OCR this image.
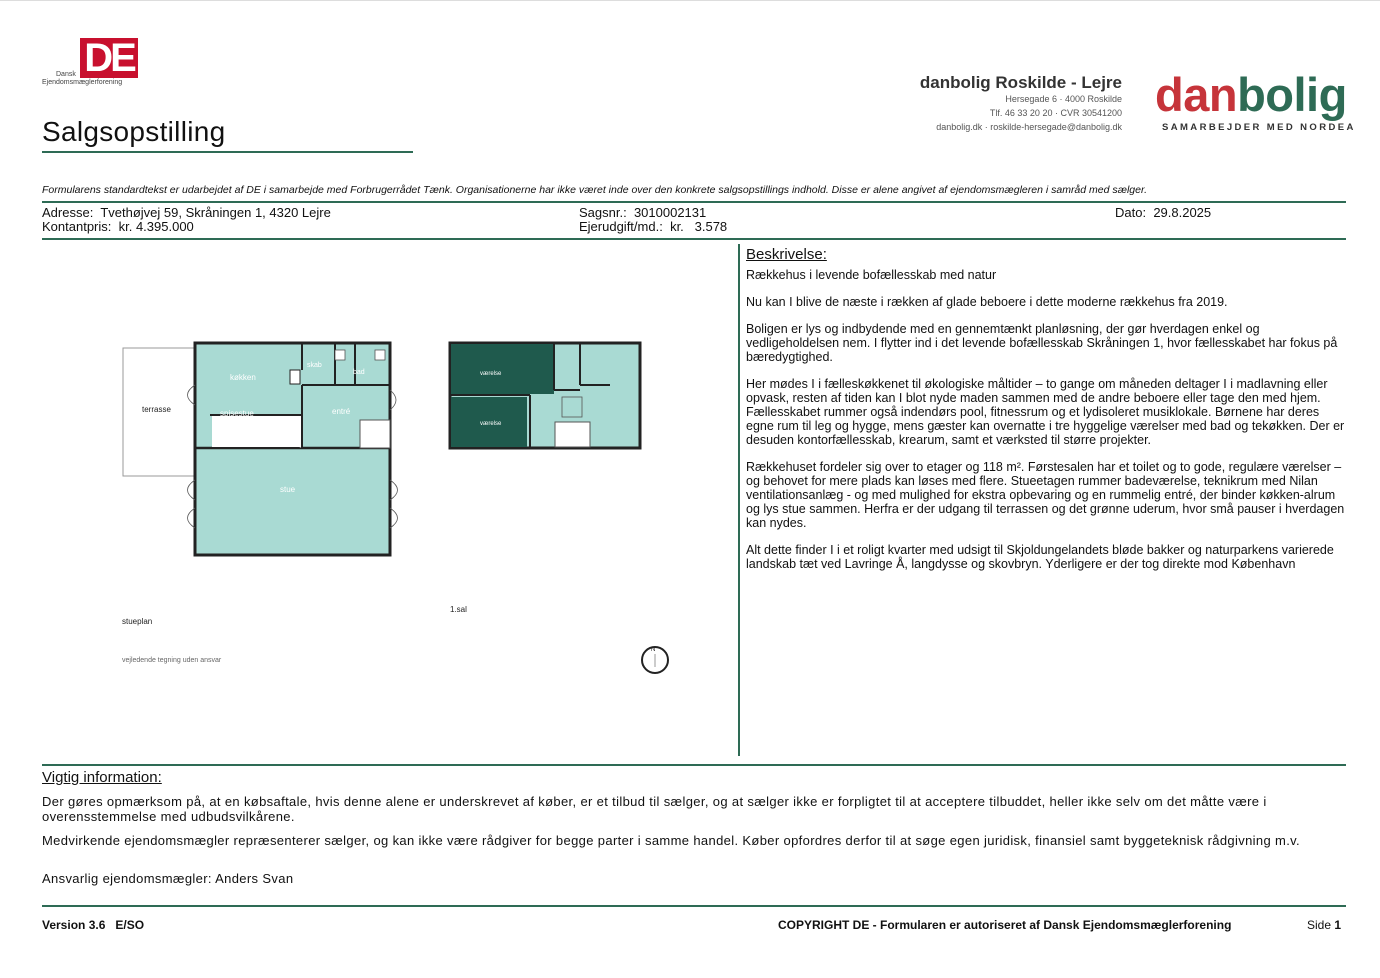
DE
Dansk
Ejendomsmæglerforening
Salgsopstilling
danbolig Roskilde - Lejre
Hersegade 6 · 4000 Roskilde
Tlf. 46 33 20 20 · CVR 30541200
danbolig.dk · roskilde-hersegade@danbolig.dk
danbolig
SAMARBEJDER MED NORDEA
Formularens standardtekst er udarbejdet af DE i samarbejde med Forbrugerrådet Tænk. Organisationerne har ikke været inde over den konkrete salgsopstillings indhold. Disse er alene angivet af ejendomsmægleren i samråd med sælger.
Adresse: Tvethøjvej 59, Skråningen 1, 4320 Lejre
Kontantpris: kr. 4.395.000
Sagsnr.: 3010002131
Ejerudgift/md.: kr.   3.578
Dato: 29.8.2025
terrasse
køkken
spisestue
skab
bad
entré
stue
værelse
værelse
stueplan
1.sal
vejledende tegning uden ansvar
N
Beskrivelse:

Rækkehus i levende bofællesskab med natur

Nu kan I blive de næste i rækken af glade beboere i dette moderne rækkehus fra 2019.

Boligen er lys og indbydende med en gennemtænkt planløsning, der gør hverdagen enkel og vedligeholdelsen nem. I flytter ind i det levende bofællesskab Skråningen 1, hvor fællesskabet har fokus på bæredygtighed.

Her mødes I i fælleskøkkenet til økologiske måltider – to gange om måneden deltager I i madlavning eller opvask, resten af tiden kan I blot nyde maden sammen med de andre beboere eller tage den med hjem. Fællesskabet rummer også indendørs pool, fitnessrum og et lydisoleret musiklokale. Børnene har deres egne rum til leg og hygge, mens gæster kan overnatte i tre hyggelige værelser med bad og tekøkken. Der er desuden kontorfællesskab, krearum, samt et værksted til større projekter.

Rækkehuset fordeler sig over to etager og 118 m². Førstesalen har et toilet og to gode, regulære værelser – og behovet for mere plads kan løses med flere. Stueetagen rummer badeværelse, teknikrum med Nilan ventilationsanlæg - og med mulighed for ekstra opbevaring og en rummelig entré, der binder køkken-alrum og lys stue sammen. Herfra er der udgang til terrassen og det grønne uderum, hvor små pauser i hverdagen kan nydes.

Alt dette finder I i et roligt kvarter med udsigt til Skjoldungelandets bløde bakker og naturparkens varierede landskab tæt ved Lavringe Å, langdysse og skovbryn. Yderligere er der tog direkte mod København

Vigtig information:
Der gøres opmærksom på, at en købsaftale, hvis denne alene er underskrevet af køber, er et tilbud til sælger, og at sælger ikke er forpligtet til at acceptere tilbuddet, heller ikke selv om det måtte være i overensstemmelse med udbudsvilkårene.
Medvirkende ejendomsmægler repræsenterer sælger, og kan ikke være rådgiver for begge parter i samme handel. Køber opfordres derfor til at søge egen juridisk, finansiel samt byggeteknisk rådgivning m.v.
Ansvarlig ejendomsmægler: Anders Svan
Version 3.6   E/SO	COPYRIGHT DE - Formularen er autoriseret af Dansk Ejendomsmæglerforening	Side 1
